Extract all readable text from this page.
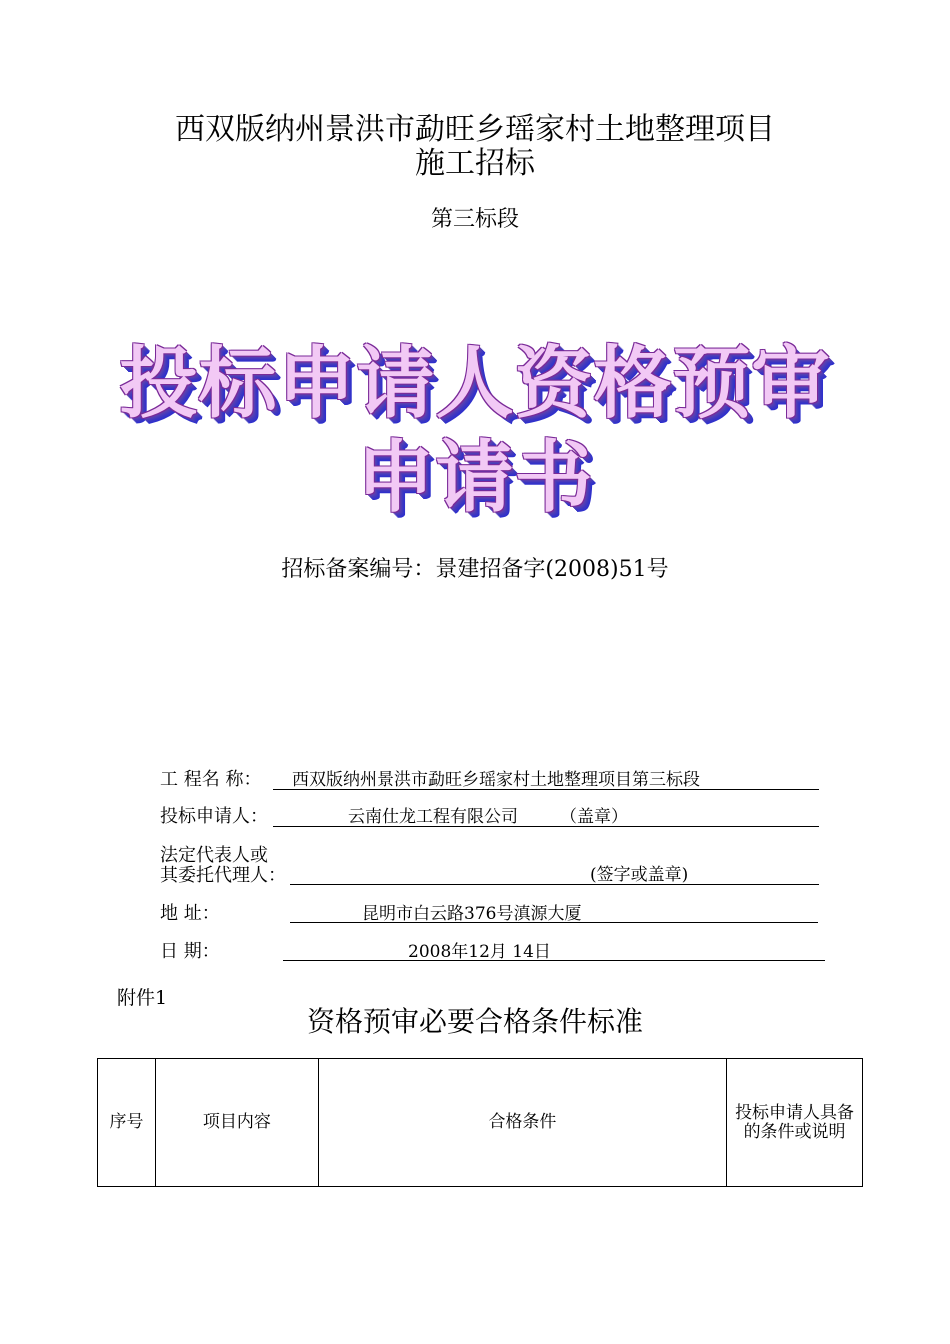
西双版纳州景洪市勐旺乡瑶家村土地整理项目
施工招标
第三标段
投标申请人资格预审
申请书
招标备案编号：景建招备字(2008)51号
工 程名 称： 西双版纳州景洪市勐旺乡瑶家村土地整理项目第三标段
投标申请人：	云南仕龙工程有限公司 （盖章）
法定代表人或
其委托代理人：	(签字或盖章)
地 址：	昆明市白云路376号滇源大厦
日 期：	2008年12月 14日
附件1
资格预审必要合格条件标准
序号	项目内容	合格条件	投标申请人具备的条件或说明
